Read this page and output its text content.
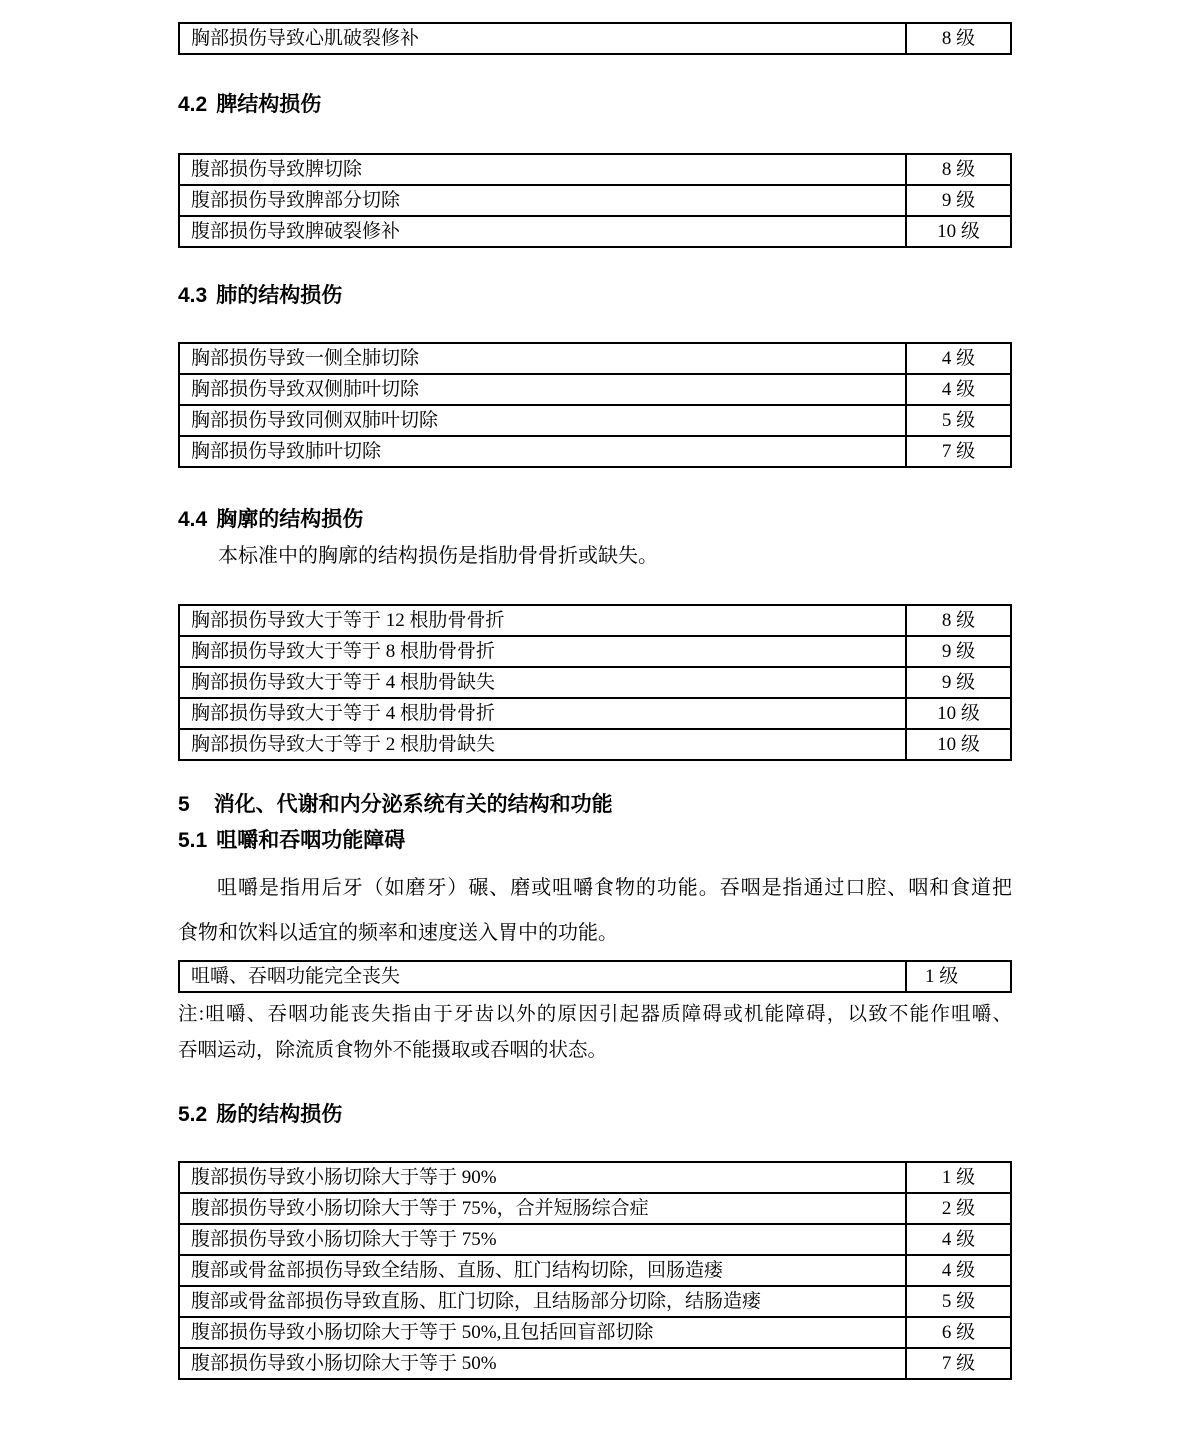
胸部损伤导致心肌破裂修补	8 级
4.2 脾结构损伤
腹部损伤导致脾切除	8 级
腹部损伤导致脾部分切除	9 级
腹部损伤导致脾破裂修补	10 级
4.3 肺的结构损伤
胸部损伤导致一侧全肺切除	4 级
胸部损伤导致双侧肺叶切除	4 级
胸部损伤导致同侧双肺叶切除	5 级
胸部损伤导致肺叶切除	7 级
4.4 胸廓的结构损伤
本标准中的胸廓的结构损伤是指肋骨骨折或缺失。
胸部损伤导致大于等于 12 根肋骨骨折	8 级
胸部损伤导致大于等于 8 根肋骨骨折	9 级
胸部损伤导致大于等于 4 根肋骨缺失	9 级
胸部损伤导致大于等于 4 根肋骨骨折	10 级
胸部损伤导致大于等于 2 根肋骨缺失	10 级
5 消化、代谢和内分泌系统有关的结构和功能
5.1 咀嚼和吞咽功能障碍
咀嚼是指用后牙（如磨牙）碾、磨或咀嚼食物的功能。吞咽是指通过口腔、咽和食道把
食物和饮料以适宜的频率和速度送入胃中的功能。
咀嚼、吞咽功能完全丧失	1 级
注:咀嚼、吞咽功能丧失指由于牙齿以外的原因引起器质障碍或机能障碍，以致不能作咀嚼、
吞咽运动，除流质食物外不能摄取或吞咽的状态。
5.2 肠的结构损伤
腹部损伤导致小肠切除大于等于 90%	1 级
腹部损伤导致小肠切除大于等于 75%，合并短肠综合症	2 级
腹部损伤导致小肠切除大于等于 75%	4 级
腹部或骨盆部损伤导致全结肠、直肠、肛门结构切除，回肠造瘘	4 级
腹部或骨盆部损伤导致直肠、肛门切除，且结肠部分切除，结肠造瘘	5 级
腹部损伤导致小肠切除大于等于 50%,且包括回盲部切除	6 级
腹部损伤导致小肠切除大于等于 50%	7 级
